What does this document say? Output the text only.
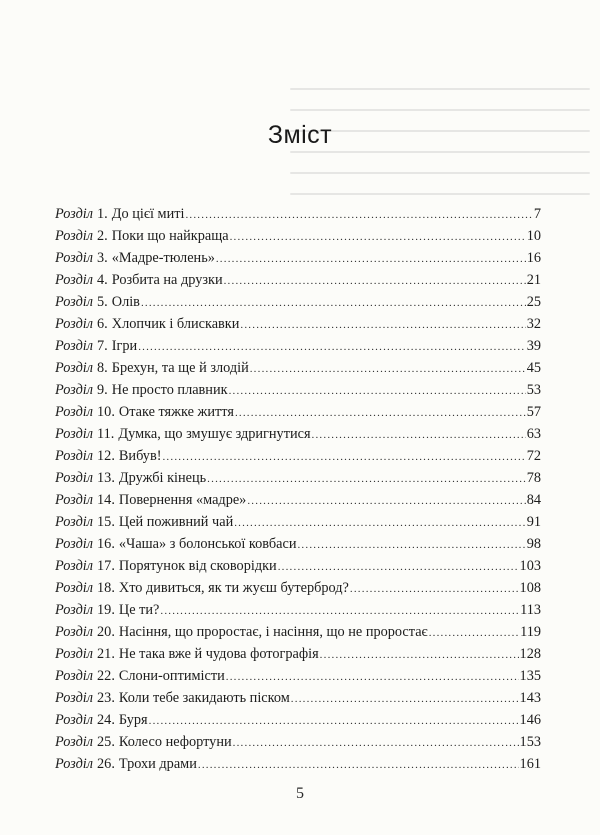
Зміст
Розділ 1. До цієї миті .....	7
Розділ 2. Поки що найкраща .....	10
Розділ 3. «Мадре-тюлень» .....	16
Розділ 4. Розбита на друзки .....	21
Розділ 5. Олів .....	25
Розділ 6. Хлопчик і блискавки .....	32
Розділ 7. Ігри .....	39
Розділ 8. Брехун, та ще й злодій .....	45
Розділ 9. Не просто плавник .....	53
Розділ 10. Отаке тяжке життя .....	57
Розділ 11. Думка, що змушує здригнутися .....	63
Розділ 12. Вибув! .....	72
Розділ 13. Дружбі кінець .....	78
Розділ 14. Повернення «мадре» .....	84
Розділ 15. Цей поживний чай .....	91
Розділ 16. «Чаша» з болонської ковбаси .....	98
Розділ 17. Порятунок від сковорідки .....	103
Розділ 18. Хто дивиться, як ти жуєш бутерброд? .....	108
Розділ 19. Це ти? .....	113
Розділ 20. Насіння, що проростає, і насіння, що не проростає .....	119
Розділ 21. Не така вже й чудова фотографія .....	128
Розділ 22. Слони-оптимісти .....	135
Розділ 23. Коли тебе закидають піском .....	143
Розділ 24. Буря .....	146
Розділ 25. Колесо нефортуни .....	153
Розділ 26. Трохи драми .....	161
5
